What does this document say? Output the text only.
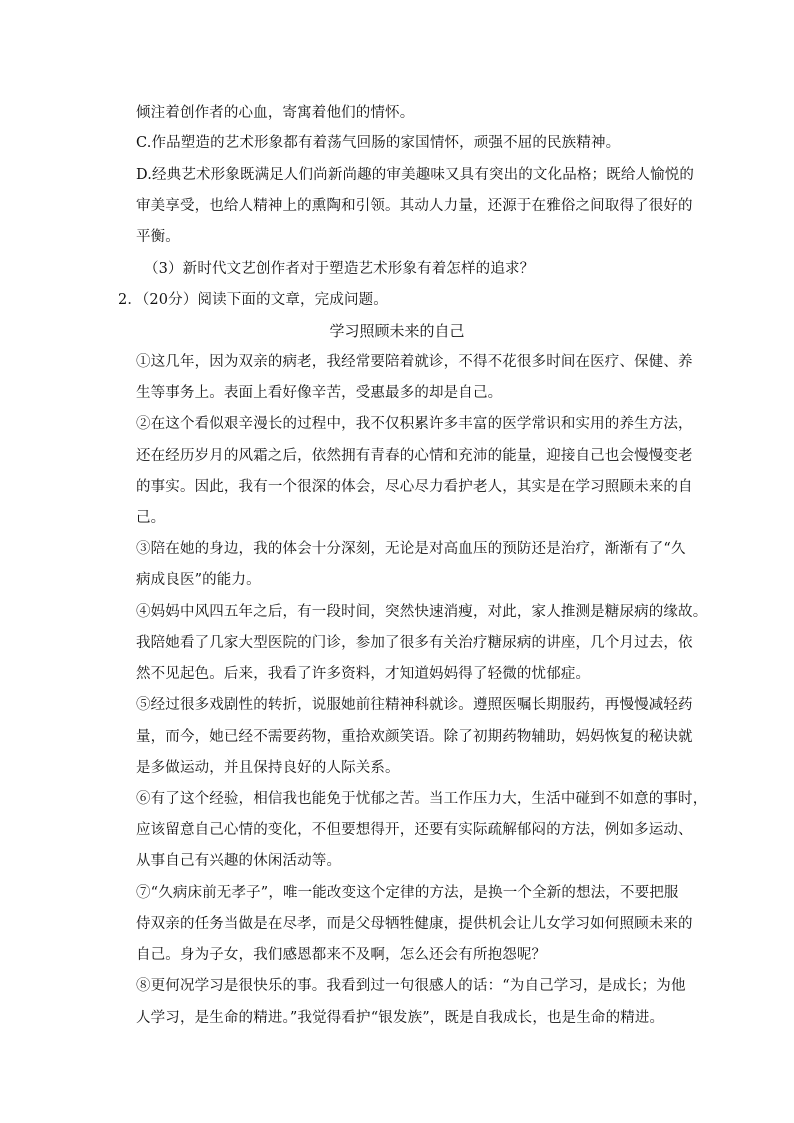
倾注着创作者的心血，寄寓着他们的情怀。
C.作品塑造的艺术形象都有着荡气回肠的家国情怀，顽强不屈的民族精神。
D.经典艺术形象既满足人们尚新尚趣的审美趣味又具有突出的文化品格；既给人愉悦的
审美享受，也给人精神上的熏陶和引领。其动人力量，还源于在雅俗之间取得了很好的
平衡。
（3）新时代文艺创作者对于塑造艺术形象有着怎样的追求？
2．（20分）阅读下面的文章，完成问题。
学习照顾未来的自己
①这几年，因为双亲的病老，我经常要陪着就诊，不得不花很多时间在医疗、保健、养
生等事务上。表面上看好像辛苦，受惠最多的却是自己。
②在这个看似艰辛漫长的过程中，我不仅积累许多丰富的医学常识和实用的养生方法，
还在经历岁月的风霜之后，依然拥有青春的心情和充沛的能量，迎接自己也会慢慢变老
的事实。因此，我有一个很深的体会，尽心尽力看护老人，其实是在学习照顾未来的自
己。
③陪在她的身边，我的体会十分深刻，无论是对高血压的预防还是治疗，渐渐有了“久
病成良医”的能力。
④妈妈中风四五年之后，有一段时间，突然快速消瘦，对此，家人推测是糖尿病的缘故。
我陪她看了几家大型医院的门诊，参加了很多有关治疗糖尿病的讲座，几个月过去，依
然不见起色。后来，我看了许多资料，才知道妈妈得了轻微的忧郁症。
⑤经过很多戏剧性的转折，说服她前往精神科就诊。遵照医嘱长期服药，再慢慢减轻药
量，而今，她已经不需要药物，重拾欢颜笑语。除了初期药物辅助，妈妈恢复的秘诀就
是多做运动，并且保持良好的人际关系。
⑥有了这个经验，相信我也能免于忧郁之苦。当工作压力大，生活中碰到不如意的事时，
应该留意自己心情的变化，不但要想得开，还要有实际疏解郁闷的方法，例如多运动、
从事自己有兴趣的休闲活动等。
⑦“久病床前无孝子”，唯一能改变这个定律的方法，是换一个全新的想法，不要把服
侍双亲的任务当做是在尽孝，而是父母牺牲健康，提供机会让儿女学习如何照顾未来的
自己。身为子女，我们感恩都来不及啊，怎么还会有所抱怨呢？
⑧更何况学习是很快乐的事。我看到过一句很感人的话：“为自己学习，是成长；为他
人学习，是生命的精进。”我觉得看护“银发族”，既是自我成长，也是生命的精进。
